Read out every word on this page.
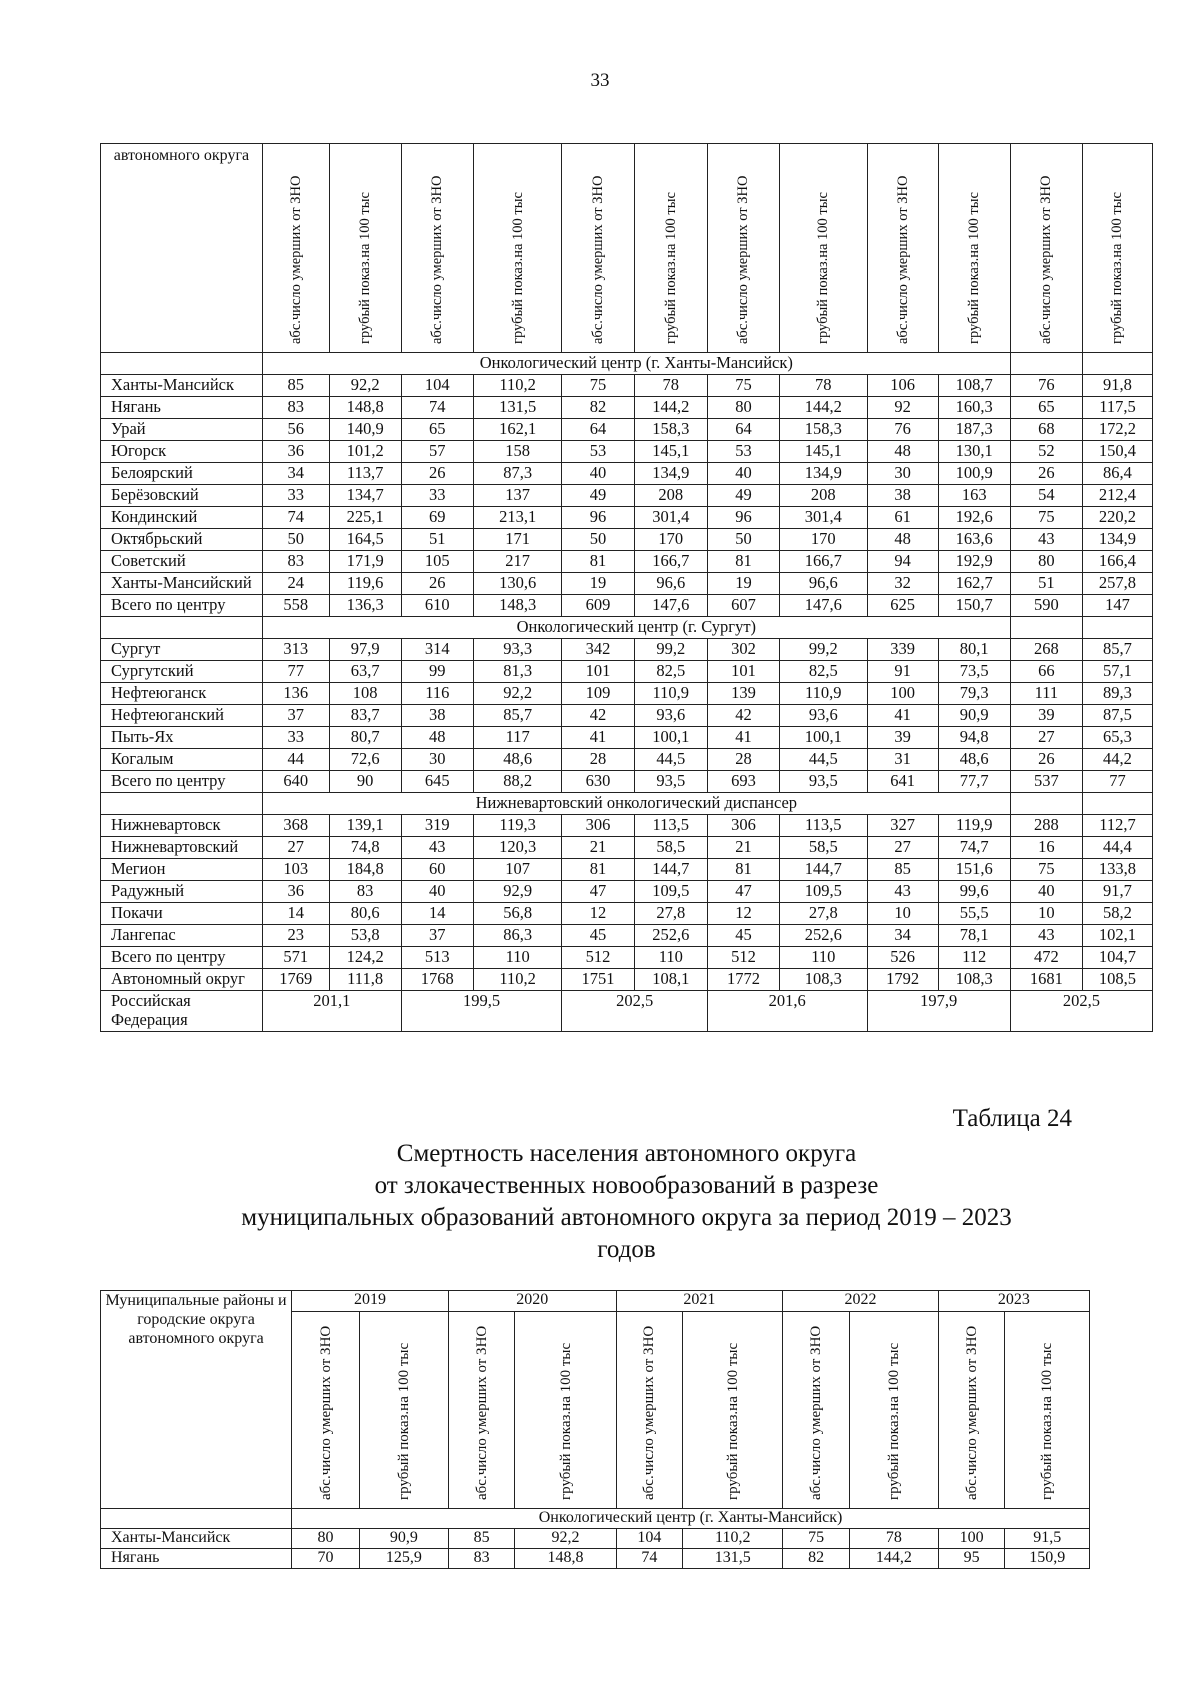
33
автономного округа	абс.число умерших от ЗНО	грубый показ.на 100 тыс	абс.число умерших от ЗНО	грубый показ.на 100 тыс	абс.число умерших от ЗНО	грубый показ.на 100 тыс	абс.число умерших от ЗНО	грубый показ.на 100 тыс	абс.число умерших от ЗНО	грубый показ.на 100 тыс	абс.число умерших от ЗНО	грубый показ.на 100 тыс
	Онкологический центр (г. Ханты-Мансийск)											
Ханты-Мансийск	85	92,2	104	110,2	75	78	75	78	106	108,7	76	91,8
Нягань	83	148,8	74	131,5	82	144,2	80	144,2	92	160,3	65	117,5
Урай	56	140,9	65	162,1	64	158,3	64	158,3	76	187,3	68	172,2
Югорск	36	101,2	57	158	53	145,1	53	145,1	48	130,1	52	150,4
Белоярский	34	113,7	26	87,3	40	134,9	40	134,9	30	100,9	26	86,4
Берёзовский	33	134,7	33	137	49	208	49	208	38	163	54	212,4
Кондинский	74	225,1	69	213,1	96	301,4	96	301,4	61	192,6	75	220,2
Октябрьский	50	164,5	51	171	50	170	50	170	48	163,6	43	134,9
Советский	83	171,9	105	217	81	166,7	81	166,7	94	192,9	80	166,4
Ханты-Мансийский	24	119,6	26	130,6	19	96,6	19	96,6	32	162,7	51	257,8
Всего по центру	558	136,3	610	148,3	609	147,6	607	147,6	625	150,7	590	147
	Онкологический центр (г. Сургут)											
Сургут	313	97,9	314	93,3	342	99,2	302	99,2	339	80,1	268	85,7
Сургутский	77	63,7	99	81,3	101	82,5	101	82,5	91	73,5	66	57,1
Нефтеюганск	136	108	116	92,2	109	110,9	139	110,9	100	79,3	111	89,3
Нефтеюганский	37	83,7	38	85,7	42	93,6	42	93,6	41	90,9	39	87,5
Пыть-Ях	33	80,7	48	117	41	100,1	41	100,1	39	94,8	27	65,3
Когалым	44	72,6	30	48,6	28	44,5	28	44,5	31	48,6	26	44,2
Всего по центру	640	90	645	88,2	630	93,5	693	93,5	641	77,7	537	77
	Нижневартовский онкологический диспансер											
Нижневартовск	368	139,1	319	119,3	306	113,5	306	113,5	327	119,9	288	112,7
Нижневартовский	27	74,8	43	120,3	21	58,5	21	58,5	27	74,7	16	44,4
Мегион	103	184,8	60	107	81	144,7	81	144,7	85	151,6	75	133,8
Радужный	36	83	40	92,9	47	109,5	47	109,5	43	99,6	40	91,7
Покачи	14	80,6	14	56,8	12	27,8	12	27,8	10	55,5	10	58,2
Лангепас	23	53,8	37	86,3	45	252,6	45	252,6	34	78,1	43	102,1
Всего по центру	571	124,2	513	110	512	110	512	110	526	112	472	104,7
Автономный округ	1769	111,8	1768	110,2	1751	108,1	1772	108,3	1792	108,3	1681	108,5
Российская Федерация	201,1		199,5		202,5		201,6		197,9		202,5	
Таблица 24
Смертность населения автономного округа
от злокачественных новообразований в разрезе
муниципальных образований автономного округа за период 2019 – 2023
годов
Муниципальные районы и городские округа автономного округа	2019		2020		2021		2022		2023	
	абс.число умерших от ЗНО	грубый показ.на 100 тыс	абс.число умерших от ЗНО	грубый показ.на 100 тыс	абс.число умерших от ЗНО	грубый показ.на 100 тыс	абс.число умерших от ЗНО	грубый показ.на 100 тыс	абс.число умерших от ЗНО	грубый показ.на 100 тыс
	Онкологический центр (г. Ханты-Мансийск)									
Ханты-Мансийск	80	90,9	85	92,2	104	110,2	75	78	100	91,5
Нягань	70	125,9	83	148,8	74	131,5	82	144,2	95	150,9
